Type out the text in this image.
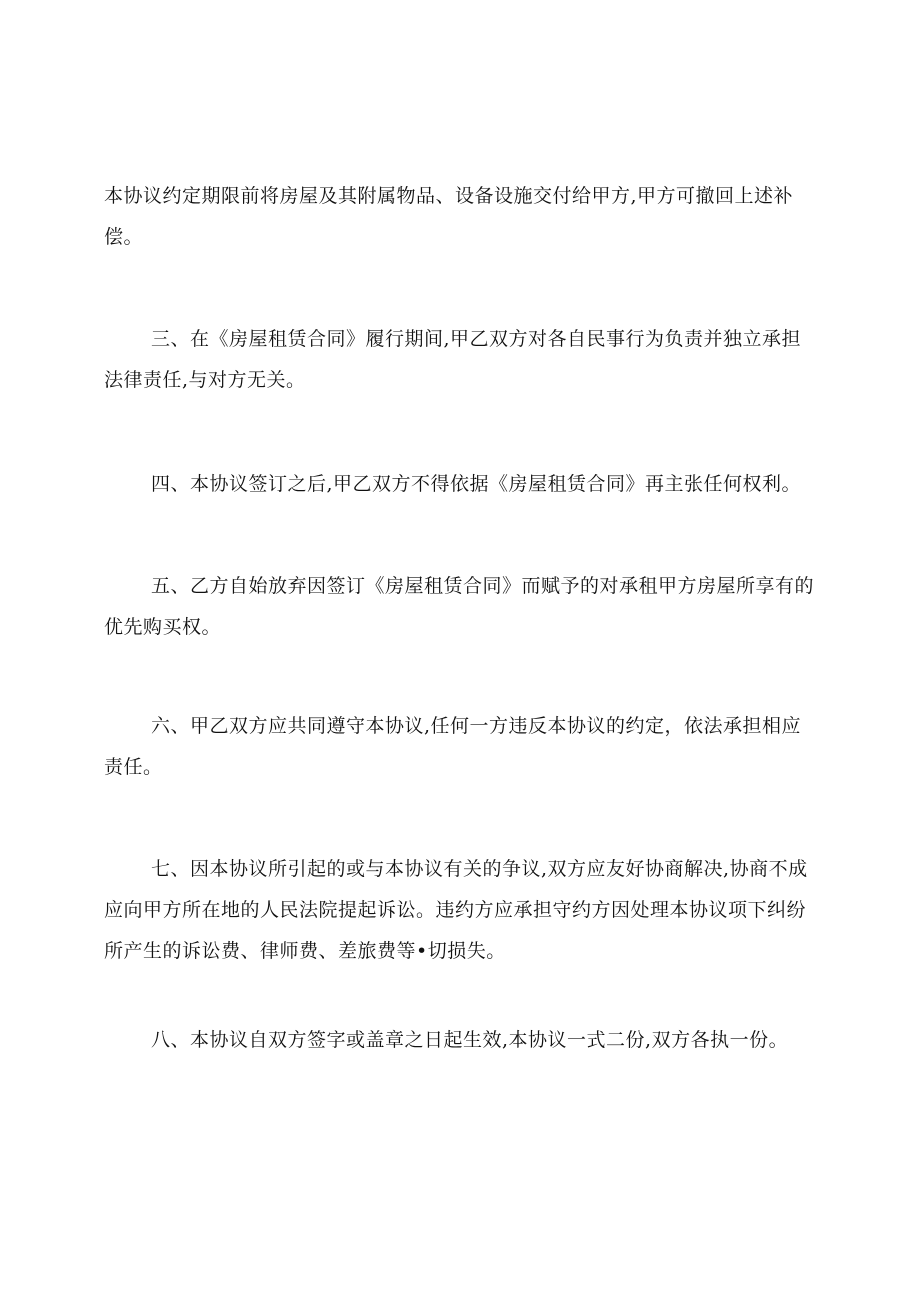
本协议约定期限前将房屋及其附属物品、设备设施交付给甲方,甲方可撤回上述补偿。

三、在《房屋租赁合同》履行期间,甲乙双方对各自民事行为负责并独立承担法律责任,与对方无关。

四、本协议签订之后,甲乙双方不得依据《房屋租赁合同》再主张任何权利。

五、乙方自始放弃因签订《房屋租赁合同》而赋予的对承租甲方房屋所享有的优先购买权。

六、甲乙双方应共同遵守本协议,任何一方违反本协议的约定，依法承担相应责任。

七、因本协议所引起的或与本协议有关的争议,双方应友好协商解决,协商不成应向甲方所在地的人民法院提起诉讼。违约方应承担守约方因处理本协议项下纠纷所产生的诉讼费、律师费、差旅费等•切损失。

八、本协议自双方签字或盖章之日起生效,本协议一式二份,双方各执一份。
